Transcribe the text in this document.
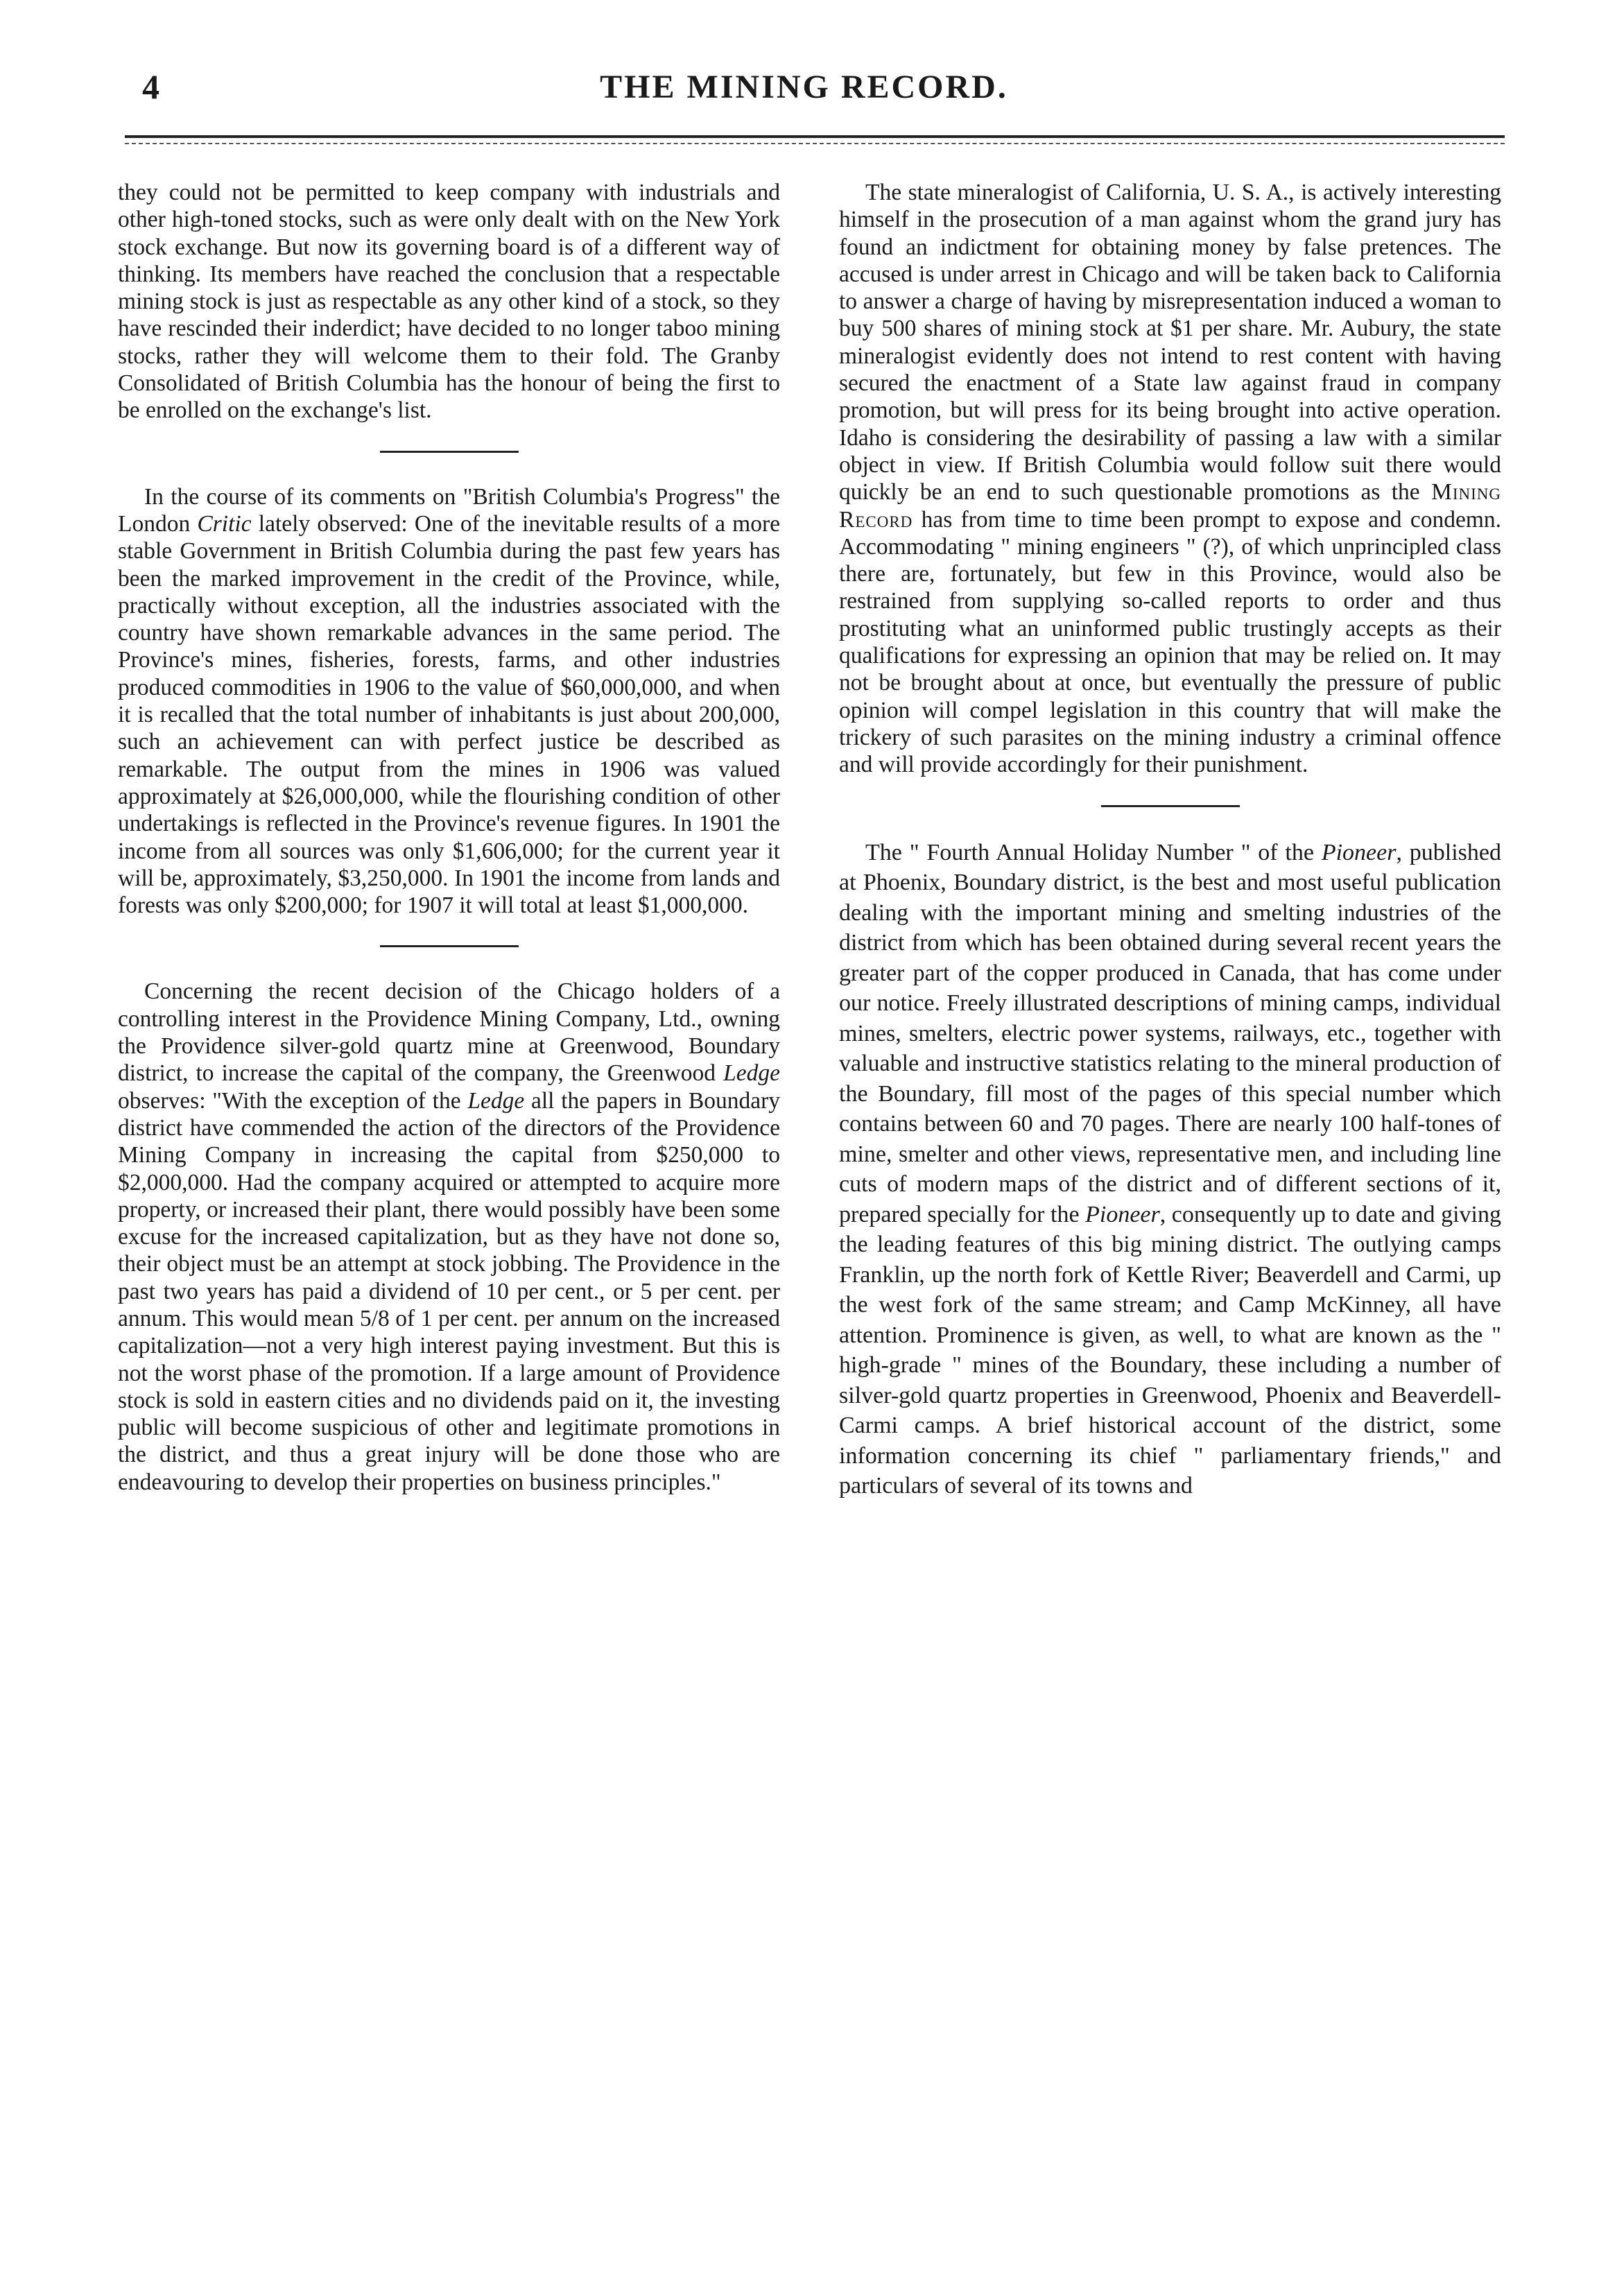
4	THE MINING RECORD.

they could not be permitted to keep company with industrials and other high-toned stocks, such as were only dealt with on the New York stock exchange. But now its governing board is of a different way of thinking. Its members have reached the conclusion that a respectable mining stock is just as respectable as any other kind of a stock, so they have rescinded their inderdict; have decided to no longer taboo mining stocks, rather they will welcome them to their fold. The Granby Consolidated of British Columbia has the honour of being the first to be enrolled on the exchange's list.

In the course of its comments on "British Columbia's Progress" the London Critic lately observed: One of the inevitable results of a more stable Government in British Columbia during the past few years has been the marked improvement in the credit of the Province, while, practically without exception, all the industries associated with the country have shown remarkable advances in the same period. The Province's mines, fisheries, forests, farms, and other industries produced commodities in 1906 to the value of $60,000,000, and when it is recalled that the total number of inhabitants is just about 200,000, such an achievement can with perfect justice be described as remarkable. The output from the mines in 1906 was valued approximately at $26,000,000, while the flourishing condition of other undertakings is reflected in the Province's revenue figures. In 1901 the income from all sources was only $1,606,000; for the current year it will be, approximately, $3,250,000. In 1901 the income from lands and forests was only $200,000; for 1907 it will total at least $1,000,000.

Concerning the recent decision of the Chicago holders of a controlling interest in the Providence Mining Company, Ltd., owning the Providence silver-gold quartz mine at Greenwood, Boundary district, to increase the capital of the company, the Greenwood Ledge observes: "With the exception of the Ledge all the papers in Boundary district have commended the action of the directors of the Providence Mining Company in increasing the capital from $250,000 to $2,000,000. Had the company acquired or attempted to acquire more property, or increased their plant, there would possibly have been some excuse for the increased capitalization, but as they have not done so, their object must be an attempt at stock jobbing. The Providence in the past two years has paid a dividend of 10 per cent., or 5 per cent. per annum. This would mean 5/8 of 1 per cent. per annum on the increased capitalization—not a very high interest paying investment. But this is not the worst phase of the promotion. If a large amount of Providence stock is sold in eastern cities and no dividends paid on it, the investing public will become suspicious of other and legitimate promotions in the district, and thus a great injury will be done those who are endeavouring to develop their properties on business principles."

The state mineralogist of California, U. S. A., is actively interesting himself in the prosecution of a man against whom the grand jury has found an indictment for obtaining money by false pretences. The accused is under arrest in Chicago and will be taken back to California to answer a charge of having by misrepresentation induced a woman to buy 500 shares of mining stock at $1 per share. Mr. Aubury, the state mineralogist evidently does not intend to rest content with having secured the enactment of a State law against fraud in company promotion, but will press for its being brought into active operation. Idaho is considering the desirability of passing a law with a similar object in view. If British Columbia would follow suit there would quickly be an end to such questionable promotions as the Mining Record has from time to time been prompt to expose and condemn. Accommodating " mining engineers " (?), of which unprincipled class there are, fortunately, but few in this Province, would also be restrained from supplying so-called reports to order and thus prostituting what an uninformed public trustingly accepts as their qualifications for expressing an opinion that may be relied on. It may not be brought about at once, but eventually the pressure of public opinion will compel legislation in this country that will make the trickery of such parasites on the mining industry a criminal offence and will provide accordingly for their punishment.

The " Fourth Annual Holiday Number " of the Pioneer, published at Phoenix, Boundary district, is the best and most useful publication dealing with the important mining and smelting industries of the district from which has been obtained during several recent years the greater part of the copper produced in Canada, that has come under our notice. Freely illustrated descriptions of mining camps, individual mines, smelters, electric power systems, railways, etc., together with valuable and instructive statistics relating to the mineral production of the Boundary, fill most of the pages of this special number which contains between 60 and 70 pages. There are nearly 100 half-tones of mine, smelter and other views, representative men, and including line cuts of modern maps of the district and of different sections of it, prepared specially for the Pioneer, consequently up to date and giving the leading features of this big mining district. The outlying camps Franklin, up the north fork of Kettle River; Beaverdell and Carmi, up the west fork of the same stream; and Camp McKinney, all have attention. Prominence is given, as well, to what are known as the " high-grade " mines of the Boundary, these including a number of silver-gold quartz properties in Greenwood, Phoenix and Beaverdell-Carmi camps. A brief historical account of the district, some information concerning its chief " parliamentary friends," and particulars of several of its towns and
